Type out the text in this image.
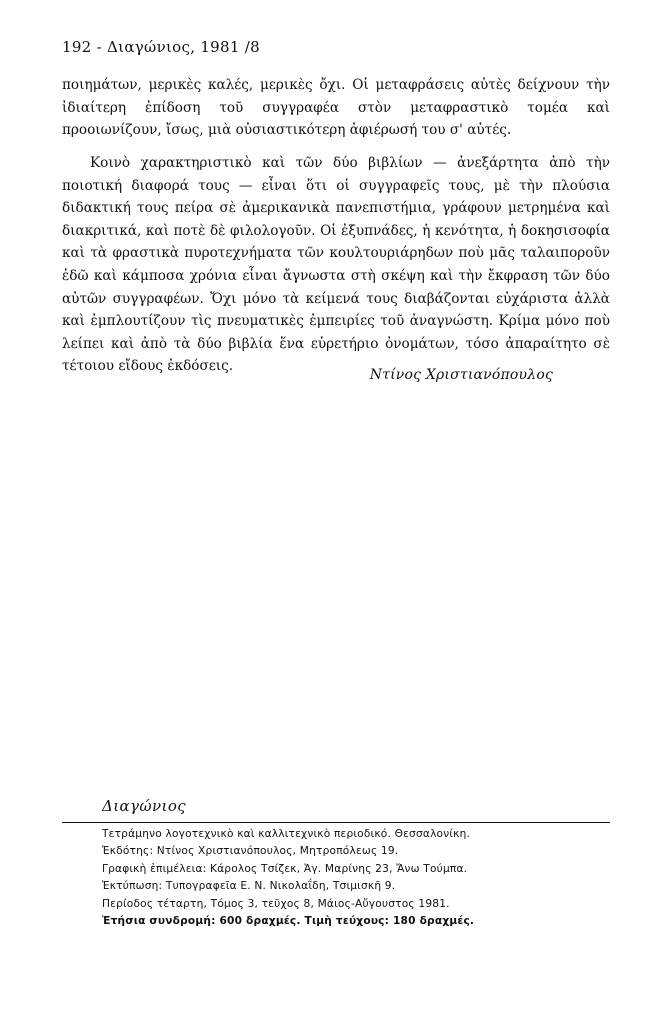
192 - Διαγώνιος, 1981 /8

ποιημάτων, μερικὲς καλές, μερικὲς ὄχι. Οἱ μεταφράσεις αὐτὲς δείχνουν τὴν ἰδιαίτερη ἐπίδοση τοῦ συγγραφέα στὸν μεταφραστικὸ τομέα καὶ προοιωνίζουν, ἴσως, μιὰ οὐσιαστικότερη ἀφιέρωσή του σ' αὐτές.

Κοινὸ χαρακτηριστικὸ καὶ τῶν δύο βιβλίων — ἀνεξάρτητα ἀπὸ τὴν ποιοτική διαφορά τους — εἶναι ὅτι οἱ συγγραφεῖς τους, μὲ τὴν πλούσια διδακτική τους πείρα σὲ ἀμερικανικὰ πανεπιστήμια, γράφουν μετρημένα καὶ διακριτικά, καὶ ποτὲ δὲ φιλολογοῦν. Οἱ ἐξυπνάδες, ἡ κενότητα, ἡ δοκησισοφία καὶ τὰ φραστικὰ πυροτεχνήματα τῶν κουλτουριάρηδων ποὺ μᾶς ταλαιποροῦν ἐδῶ καὶ κάμποσα χρόνια εἶναι ἄγνωστα στὴ σκέψη καὶ τὴν ἔκφραση τῶν δύο αὐτῶν συγγραφέων. Ὄχι μόνο τὰ κείμενά τους διαβάζονται εὐχάριστα ἀλλὰ καὶ ἐμπλουτίζουν τὶς πνευματικὲς ἐμπειρίες τοῦ ἀναγνώστη. Κρίμα μόνο ποὺ λείπει καὶ ἀπὸ τὰ δύο βιβλία ἕνα εὑρετήριο ὀνομάτων, τόσο ἀπαραίτητο σὲ τέτοιου εἴδους ἐκδόσεις.

Ντίνος Χριστιανόπουλος
Διαγώνιος
Τετράμηνο λογοτεχνικὸ καὶ καλλιτεχνικὸ περιοδικό. Θεσσαλονίκη.
Ἐκδότης: Ντίνος Χριστιανόπουλος, Μητροπόλεως 19.
Γραφικὴ ἐπιμέλεια: Κάρολος Τσίζεκ, Ἁγ. Μαρίνης 23, Ἄνω Τούμπα.
Ἐκτύπωση: Τυπογραφεῖα Ε. Ν. Νικολαΐδη, Τσιμισκῆ 9.
Περίοδος τέταρτη, Τόμος 3, τεῦχος 8, Μάιος-Αὔγουστος 1981.
Ἐτήσια συνδρομή: 600 δραχμές. Τιμὴ τεύχους: 180 δραχμές.
